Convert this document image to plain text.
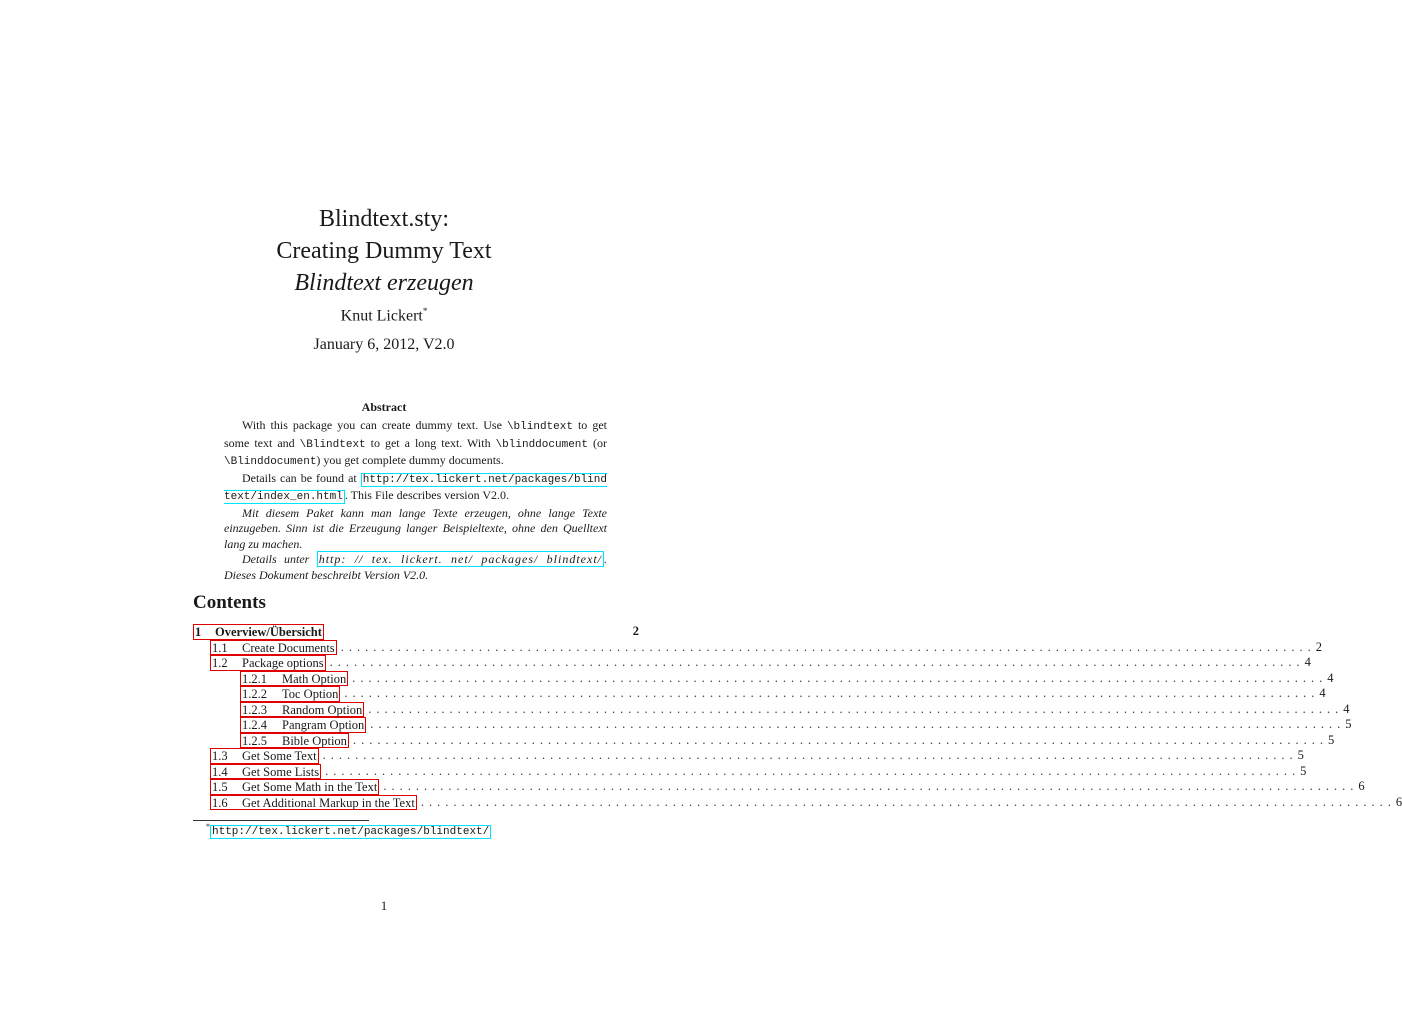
Blindtext.sty:
Creating Dummy Text
Blindtext erzeugen
Knut Lickert*
January 6, 2012, V2.0
Abstract

With this package you can create dummy text. Use \blindtext to get some text and \Blindtext to get a long text. With \blinddocument (or \Blinddocument) you get complete dummy documents.

Details can be found at http://tex.lickert.net/packages/blindtext/index_en.html . This File describes version V2.0.

Mit diesem Paket kann man lange Texte erzeugen, ohne lange Texte einzugeben. Sinn ist die Erzeugung langer Beispieltexte, ohne den Quelltext lang zu machen.

Details unter http: // tex. lickert. net/ packages/ blindtext/ . Dieses Dokument beschreibt Version V2.0.

Contents
1 Overview/Übersicht	2
1.1 Create Documents ........................................................................................................................ 2
1.2 Package options ........................................................................................................................ 4
1.2.1 Math Option ........................................................................................................................ 4
1.2.2 Toc Option ........................................................................................................................ 4
1.2.3 Random Option ........................................................................................................................ 4
1.2.4 Pangram Option ........................................................................................................................ 5
1.2.5 Bible Option ........................................................................................................................ 5
1.3 Get Some Text ........................................................................................................................ 5
1.4 Get Some Lists ........................................................................................................................ 5
1.5 Get Some Math in the Text ........................................................................................................................ 6
1.6 Get Additional Markup in the Text ........................................................................................................................ 6
* http://tex.lickert.net/packages/blindtext/
1
